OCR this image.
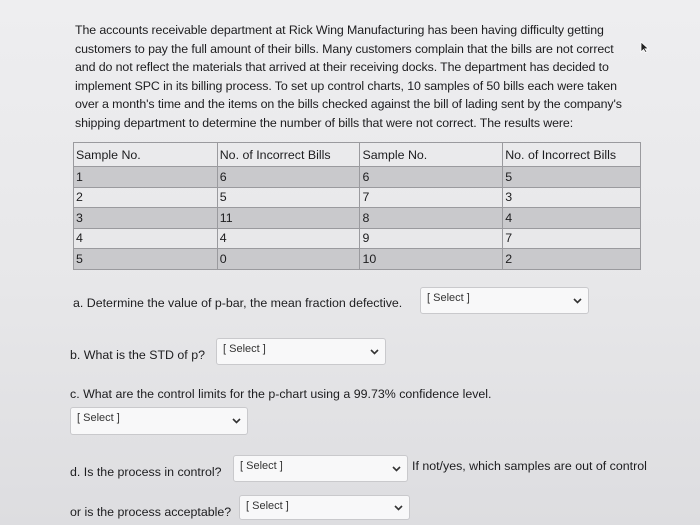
The accounts receivable department at Rick Wing Manufacturing has been having difficulty getting
customers to pay the full amount of their bills. Many customers complain that the bills are not correct
and do not reflect the materials that arrived at their receiving docks. The department has decided to
implement SPC in its billing process. To set up control charts, 10 samples of 50 bills each were taken
over a month's time and the items on the bills checked against the bill of lading sent by the company's
shipping department to determine the number of bills that were not correct. The results were:
Sample No.	No. of Incorrect Bills	Sample No.	No. of Incorrect Bills
1	6	6	5
2	5	7	3
3	11	8	4
4	4	9	7
5	0	10	2
a. Determine the value of p-bar, the mean fraction defective.	[ Select ]
b. What is the STD of p?	[ Select ]
c. What are the control limits for the p-chart using a 99.73% confidence level.
[ Select ]
d. Is the process in control?	[ Select ]	If not/yes, which samples are out of control
or is the process acceptable?	[ Select ]
